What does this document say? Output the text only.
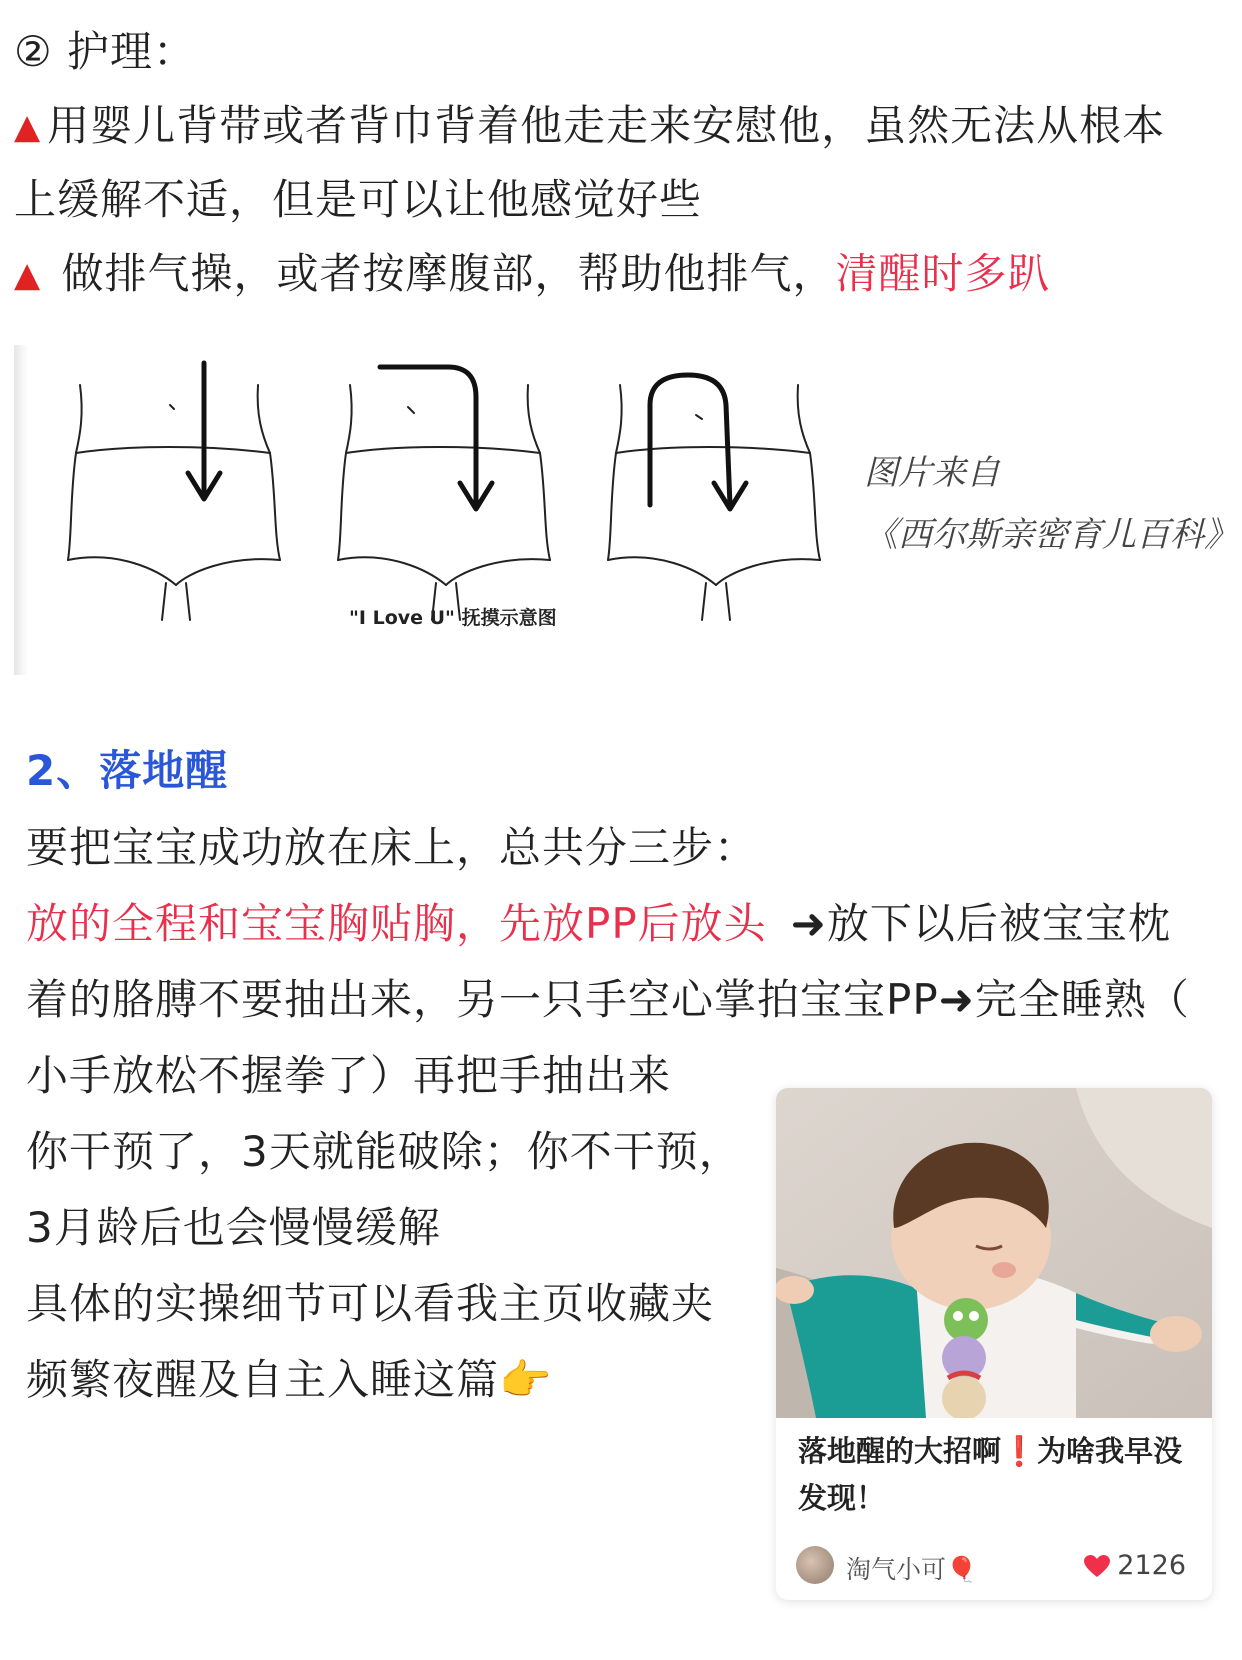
② 护理：
▲ 用婴儿背带或者背巾背着他走走来安慰他，虽然无法从根本
上缓解不适，但是可以让他感觉好些
▲ 做排气操，或者按摩腹部，帮助他排气，清醒时多趴
"I Love U" 抚摸示意图
图片来自
《西尔斯亲密育儿百科》
2、落地醒
要把宝宝成功放在床上，总共分三步：
放的全程和宝宝胸贴胸，先放PP后放头 ➜放下以后被宝宝枕
着的胳膊不要抽出来，另一只手空心掌拍宝宝PP➜完全睡熟（
小手放松不握拳了）再把手抽出来
你干预了，3天就能破除；你不干预，
3月龄后也会慢慢缓解
具体的实操细节可以看我主页收藏夹
频繁夜醒及自主入睡这篇👉
落地醒的大招啊❗️为啥我早没发现！
淘气小可🎈	2126
